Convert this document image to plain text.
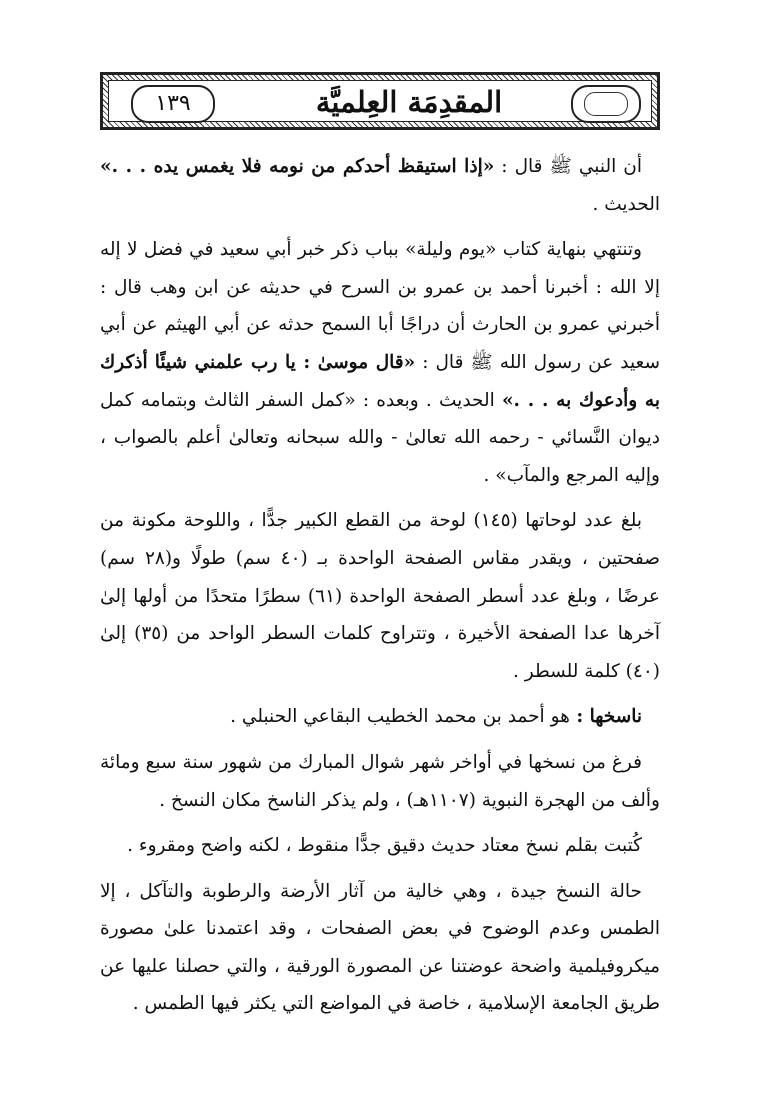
١٣٩	المقدِمَة العِلميَّة

أن النبي ﷺ قال : «إذا استيقظ أحدكم من نومه فلا يغمس يده . . .» الحديث .

وتنتهي بنهاية كتاب «يوم وليلة» بباب ذكر خبر أبي سعيد في فضل لا إله إلا الله : أخبرنا أحمد بن عمرو بن السرح في حديثه عن ابن وهب قال : أخبرني عمرو بن الحارث أن دراجًا أبا السمح حدثه عن أبي الهيثم عن أبي سعيد عن رسول الله ﷺ قال : «قال موسىٰ : يا رب علمني شيئًا أذكرك به وأدعوك به . . .» الحديث . وبعده : «كمل السفر الثالث وبتمامه كمل ديوان النَّسائي - رحمه الله تعالىٰ - والله سبحانه وتعالىٰ أعلم بالصواب ، وإليه المرجع والمآب» .

بلغ عدد لوحاتها (١٤٥) لوحة من القطع الكبير جدًّا ، واللوحة مكونة من صفحتين ، ويقدر مقاس الصفحة الواحدة بـ (٤٠ سم) طولًا و(٢٨ سم) عرضًا ، وبلغ عدد أسطر الصفحة الواحدة (٦١) سطرًا متحدًا من أولها إلىٰ آخرها عدا الصفحة الأخيرة ، وتتراوح كلمات السطر الواحد من (٣٥) إلىٰ (٤٠) كلمة للسطر .

ناسخها : هو أحمد بن محمد الخطيب البقاعي الحنبلي .

فرغ من نسخها في أواخر شهر شوال المبارك من شهور سنة سبع ومائة وألف من الهجرة النبوية (١١٠٧هـ) ، ولم يذكر الناسخ مكان النسخ .

كُتبت بقلم نسخ معتاد حديث دقيق جدًّا منقوط ، لكنه واضح ومقروء .

حالة النسخ جيدة ، وهي خالية من آثار الأرضة والرطوبة والتآكل ، إلا الطمس وعدم الوضوح في بعض الصفحات ، وقد اعتمدنا علىٰ مصورة ميكروفيلمية واضحة عوضتنا عن المصورة الورقية ، والتي حصلنا عليها عن طريق الجامعة الإسلامية ، خاصة في المواضع التي يكثر فيها الطمس .
